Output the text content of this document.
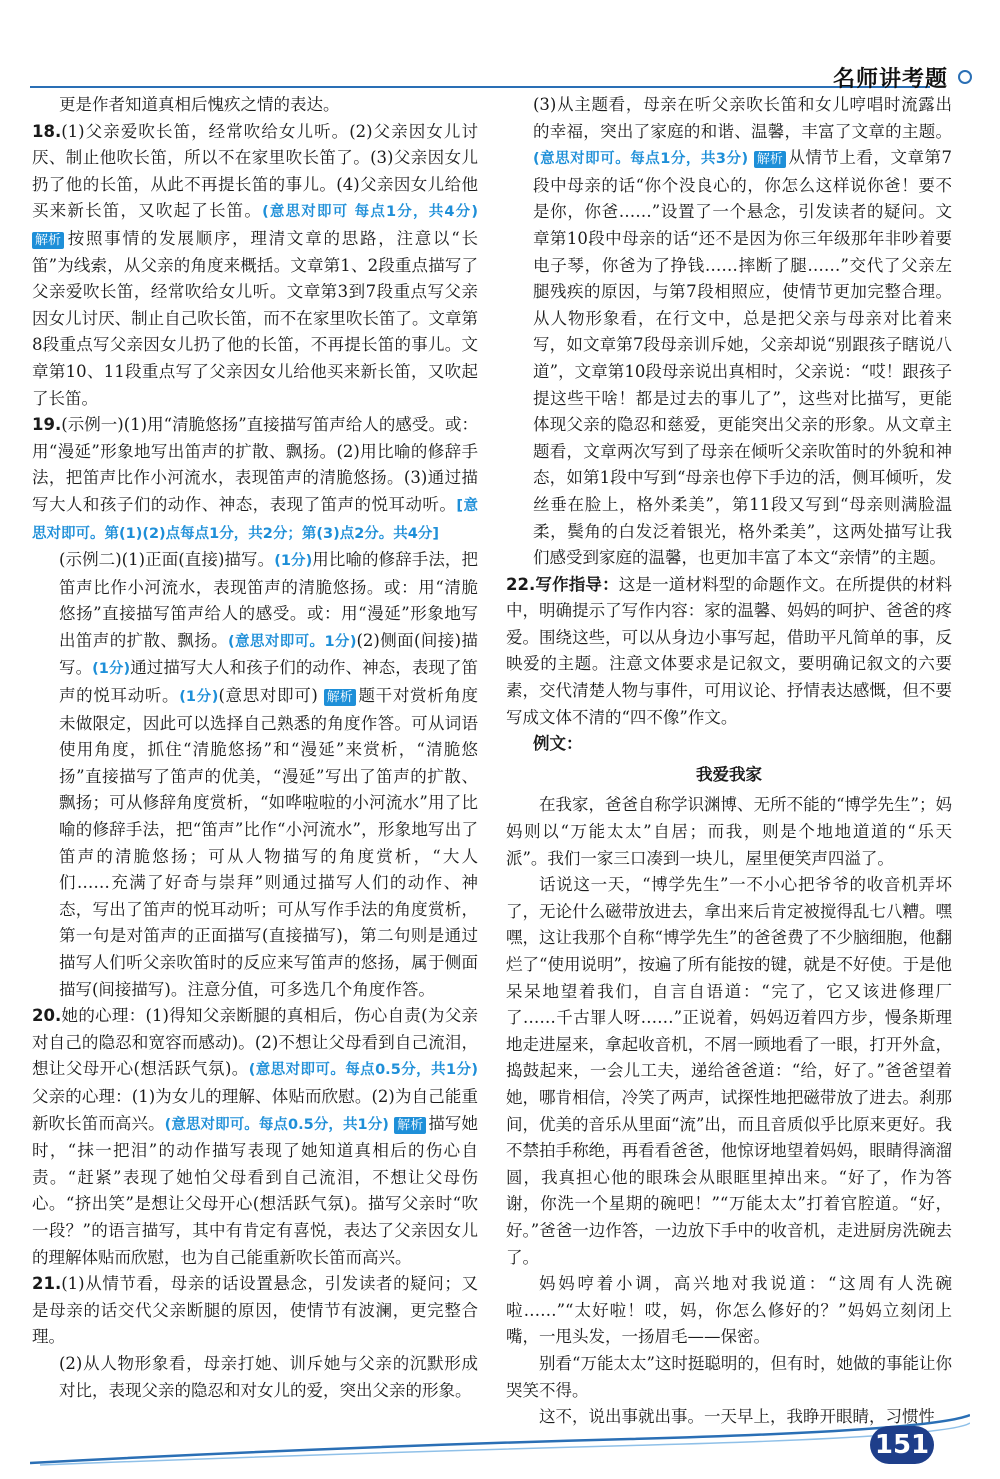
名师讲考题

更是作者知道真相后愧疚之情的表达。

18.(1)父亲爱吹长笛，经常吹给女儿听。(2)父亲因女儿讨厌、制止他吹长笛，所以不在家里吹长笛了。(3)父亲因女儿扔了他的长笛，从此不再提长笛的事儿。(4)父亲因女儿给他买来新长笛，又吹起了长笛。(意思对即可 每点1分，共4分) 解析 按照事情的发展顺序，理清文章的思路，注意以“长笛”为线索，从父亲的角度来概括。文章第1、2段重点描写了父亲爱吹长笛，经常吹给女儿听。文章第3到7段重点写父亲因女儿讨厌、制止自己吹长笛，而不在家里吹长笛了。文章第8段重点写父亲因女儿扔了他的长笛，不再提长笛的事儿。文章第10、11段重点写了父亲因女儿给他买来新长笛，又吹起了长笛。

19.(示例一)(1)用“清脆悠扬”直接描写笛声给人的感受。或：用“漫延”形象地写出笛声的扩散、飘扬。(2)用比喻的修辞手法，把笛声比作小河流水，表现笛声的清脆悠扬。(3)通过描写大人和孩子们的动作、神态，表现了笛声的悦耳动听。[意思对即可。第(1)(2)点每点1分，共2分；第(3)点2分。共4分]

(示例二)(1)正面(直接)描写。(1分)用比喻的修辞手法，把笛声比作小河流水，表现笛声的清脆悠扬。或：用“清脆悠扬”直接描写笛声给人的感受。或：用“漫延”形象地写出笛声的扩散、飘扬。(意思对即可。1分)(2)侧面(间接)描写。(1分)通过描写大人和孩子们的动作、神态，表现了笛声的悦耳动听。(1分)(意思对即可) 解析 题干对赏析角度未做限定，因此可以选择自己熟悉的角度作答。可从词语使用角度，抓住“清脆悠扬”和“漫延”来赏析，“清脆悠扬”直接描写了笛声的优美，“漫延”写出了笛声的扩散、飘扬；可从修辞角度赏析，“如哗啦啦的小河流水”用了比喻的修辞手法，把“笛声”比作“小河流水”，形象地写出了笛声的清脆悠扬；可从人物描写的角度赏析，“大人们……充满了好奇与崇拜”则通过描写人们的动作、神态，写出了笛声的悦耳动听；可从写作手法的角度赏析，第一句是对笛声的正面描写(直接描写)，第二句则是通过描写人们听父亲吹笛时的反应来写笛声的悠扬，属于侧面描写(间接描写)。注意分值，可多选几个角度作答。

20.她的心理：(1)得知父亲断腿的真相后，伤心自责(为父亲对自己的隐忍和宽容而感动)。(2)不想让父母看到自己流泪，想让父母开心(想活跃气氛)。(意思对即可。每点0.5分，共1分) 父亲的心理：(1)为女儿的理解、体贴而欣慰。(2)为自己能重新吹长笛而高兴。(意思对即可。每点0.5分，共1分) 解析 描写她时，“抹一把泪”的动作描写表现了她知道真相后的伤心自责。“赶紧”表现了她怕父母看到自己流泪，不想让父母伤心。“挤出笑”是想让父母开心(想活跃气氛)。描写父亲时“吹一段？”的语言描写，其中有肯定有喜悦，表达了父亲因女儿的理解体贴而欣慰，也为自己能重新吹长笛而高兴。

21.(1)从情节看，母亲的话设置悬念，引发读者的疑问；又是母亲的话交代父亲断腿的原因，使情节有波澜，更完整合理。

(2)从人物形象看，母亲打她、训斥她与父亲的沉默形成对比，表现父亲的隐忍和对女儿的爱，突出父亲的形象。

(3)从主题看，母亲在听父亲吹长笛和女儿哼唱时流露出的幸福，突出了家庭的和谐、温馨，丰富了文章的主题。(意思对即可。每点1分，共3分) 解析 从情节上看，文章第7段中母亲的话“你个没良心的，你怎么这样说你爸！要不是你，你爸……”设置了一个悬念，引发读者的疑问。文章第10段中母亲的话“还不是因为你三年级那年非吵着要电子琴，你爸为了挣钱……摔断了腿……”交代了父亲左腿残疾的原因，与第7段相照应，使情节更加完整合理。从人物形象看，在行文中，总是把父亲与母亲对比着来写，如文章第7段母亲训斥她，父亲却说“别跟孩子瞎说八道”，文章第10段母亲说出真相时，父亲说：“哎！跟孩子提这些干啥！都是过去的事儿了”，这些对比描写，更能体现父亲的隐忍和慈爱，更能突出父亲的形象。从文章主题看，文章两次写到了母亲在倾听父亲吹笛时的外貌和神态，如第1段中写到“母亲也停下手边的活，侧耳倾听，发丝垂在脸上，格外柔美”，第11段又写到“母亲则满脸温柔，鬓角的白发泛着银光，格外柔美”，这两处描写让我们感受到家庭的温馨，也更加丰富了本文“亲情”的主题。

22.写作指导：这是一道材料型的命题作文。在所提供的材料中，明确提示了写作内容：家的温馨、妈妈的呵护、爸爸的疼爱。围绕这些，可以从身边小事写起，借助平凡简单的事，反映爱的主题。注意文体要求是记叙文，要明确记叙文的六要素，交代清楚人物与事件，可用议论、抒情表达感慨，但不要写成文体不清的“四不像”作文。

例文：

我爱我家

在我家，爸爸自称学识渊博、无所不能的“博学先生”；妈妈则以“万能太太”自居；而我，则是个地地道道的“乐天派”。我们一家三口凑到一块儿，屋里便笑声四溢了。

话说这一天，“博学先生”一不小心把爷爷的收音机弄坏了，无论什么磁带放进去，拿出来后肯定被搅得乱七八糟。嘿嘿，这让我那个自称“博学先生”的爸爸费了不少脑细胞，他翻烂了“使用说明”，按遍了所有能按的键，就是不好使。于是他呆呆地望着我们，自言自语道：“完了，它又该进修理厂了……千古罪人呀……”正说着，妈妈迈着四方步，慢条斯理地走进屋来，拿起收音机，不屑一顾地看了一眼，打开外盒，捣鼓起来，一会儿工夫，递给爸爸道：“给，好了。”爸爸望着她，哪肯相信，冷笑了两声，试探性地把磁带放了进去。刹那间，优美的音乐从里面“流”出，而且音质似乎比原来更好。我不禁拍手称绝，再看看爸爸，他惊讶地望着妈妈，眼睛得滴溜圆，我真担心他的眼珠会从眼眶里掉出来。“好了，作为答谢，你洗一个星期的碗吧！”“万能太太”打着官腔道。“好，好。”爸爸一边作答，一边放下手中的收音机，走进厨房洗碗去了。

妈妈哼着小调，高兴地对我说道：“这周有人洗碗啦……”“太好啦！哎，妈，你怎么修好的？”妈妈立刻闭上嘴，一甩头发，一扬眉毛——保密。

别看“万能太太”这时挺聪明的，但有时，她做的事能让你哭笑不得。

这不，说出事就出事。一天早上，我睁开眼睛，习惯性

151
